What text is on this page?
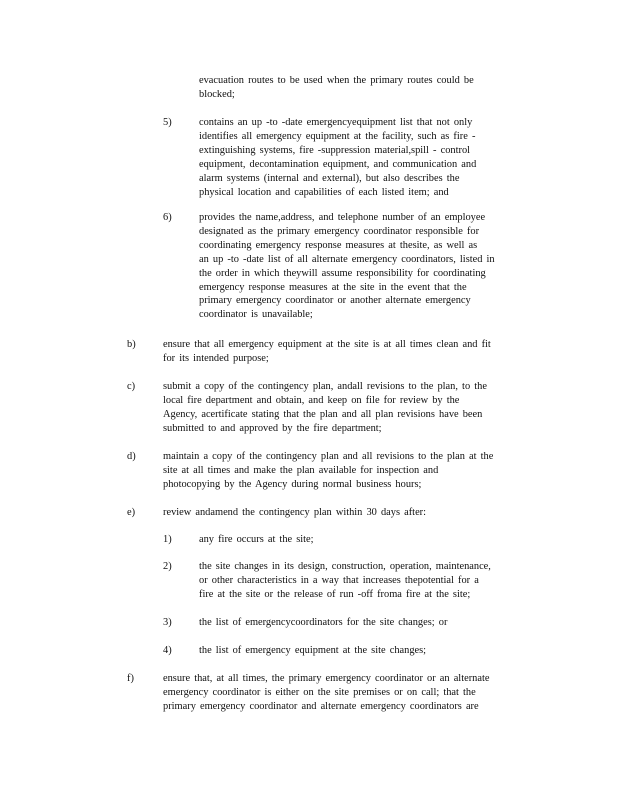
evacuation routes to be used when the primary routes could be
blocked;
5)	contains an up -to -date emergencyequipment list that not only
identifies all emergency equipment at the facility, such as fire -
extinguishing systems, fire -suppression material,spill - control
equipment, decontamination equipment, and communication and
alarm systems (internal and external), but also describes the
physical location and capabilities of each listed item; and
6)	provides the name,address, and telephone number of an employee
designated as the primary emergency coordinator responsible for
coordinating emergency response measures at thesite, as well as
an up -to -date list of all alternate emergency coordinators, listed in
the order in which theywill assume responsibility for coordinating
emergency response measures at the site in the event that the
primary emergency coordinator or another alternate emergency
coordinator is unavailable;
b)	ensure that all emergency equipment at the site is at all times clean and fit
for its intended purpose;
c)	submit a copy of the contingency plan, andall revisions to the plan, to the
local fire department and obtain, and keep on file for review by the
Agency, acertificate stating that the plan and all plan revisions have been
submitted to and approved by the fire department;
d)	maintain a copy of the contingency plan and all revisions to the plan at the
site at all times and make the plan available for inspection and
photocopying by the Agency during normal business hours;
e)	review andamend the contingency plan within 30 days after:
1)	any fire occurs at the site;
2)	the site changes in its design, construction, operation, maintenance,
or other characteristics in a way that increases thepotential for a
fire at the site or the release of run -off froma fire at the site;
3)	the list of emergencycoordinators for the site changes; or
4)	the list of emergency equipment at the site changes;
f)	ensure that, at all times, the primary emergency coordinator or an alternate
emergency coordinator is either on the site premises or on call; that the
primary emergency coordinator and alternate emergency coordinators are
